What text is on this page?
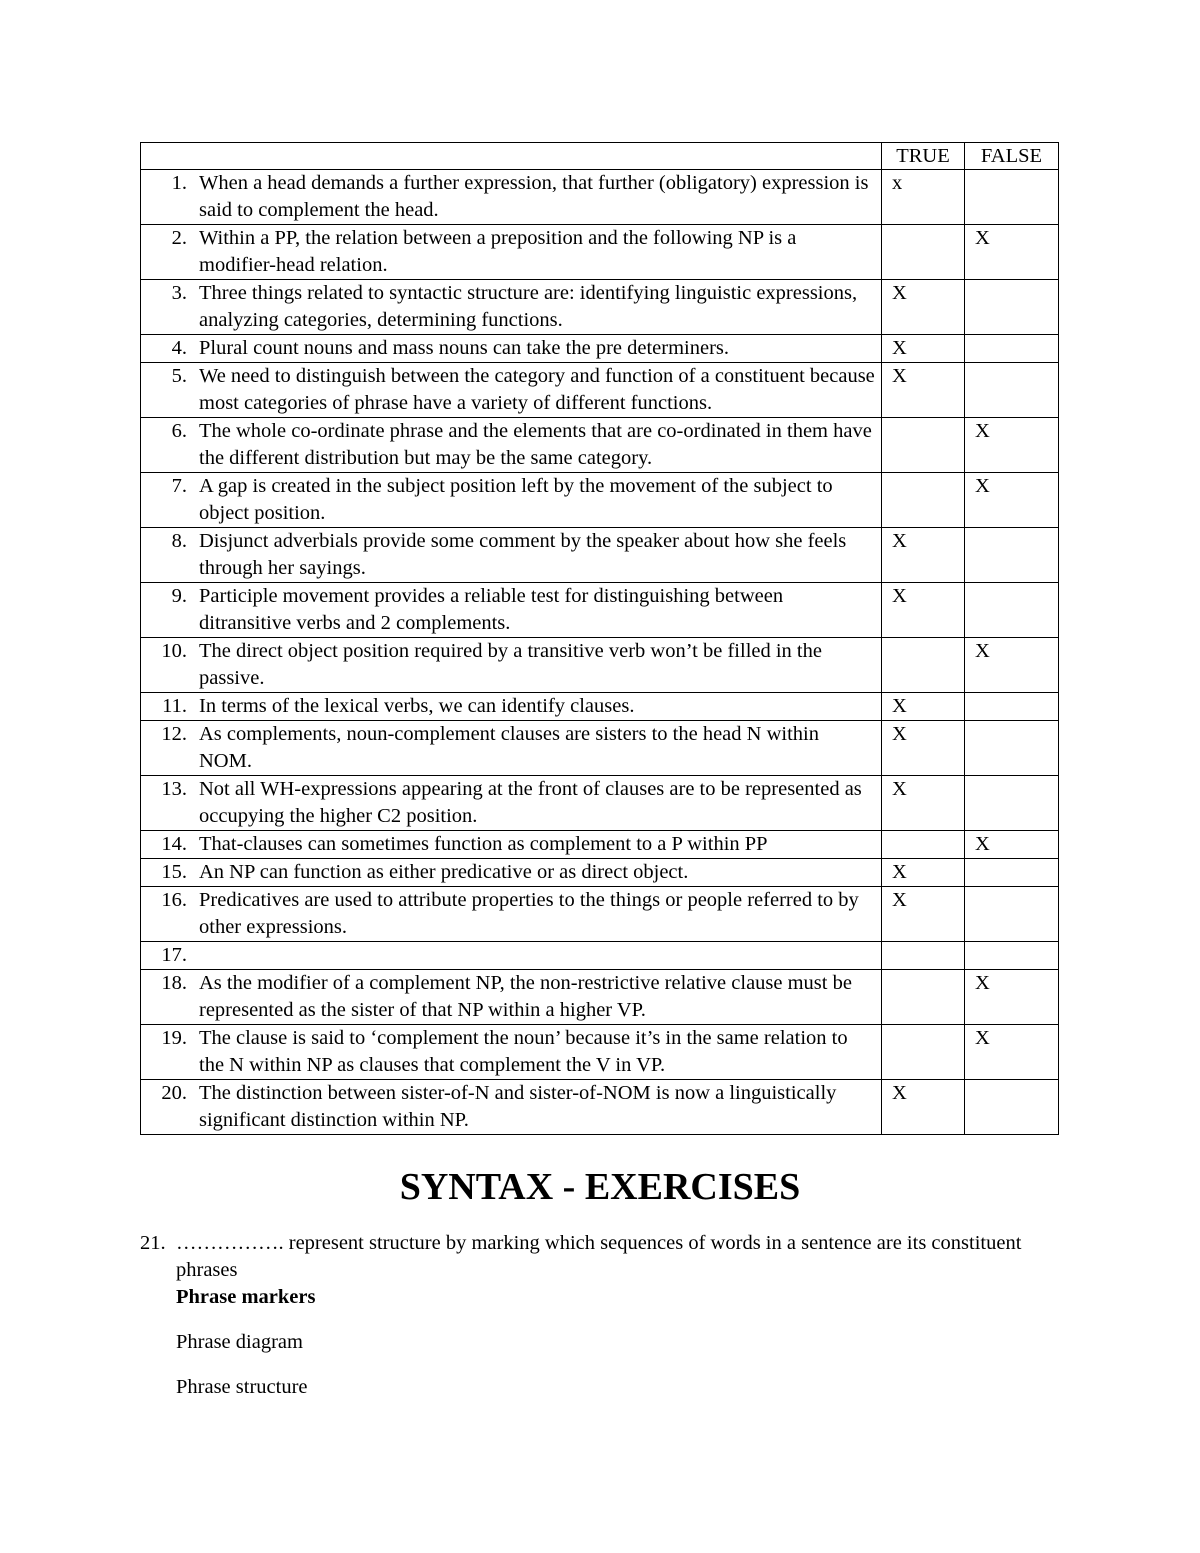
	TRUE	FALSE

1. When a head demands a further expression, that further (obligatory) expression is said to complement the head.	x	

2. Within a PP, the relation between a preposition and the following NP is a modifier-head relation.		X

3. Three things related to syntactic structure are: identifying linguistic expressions, analyzing categories, determining functions.	X	

4. Plural count nouns and mass nouns can take the pre determiners.	X	

5. We need to distinguish between the category and function of a constituent because most categories of phrase have a variety of different functions.	X	

6. The whole co-ordinate phrase and the elements that are co-ordinated in them have the different distribution but may be the same category.		X

7. A gap is created in the subject position left by the movement of the subject to object position.		X

8. Disjunct adverbials provide some comment by the speaker about how she feels through her sayings.	X	

9. Participle movement provides a reliable test for distinguishing between ditransitive verbs and 2 complements.	X	

10. The direct object position required by a transitive verb won’t be filled in the passive.		X

11. In terms of the lexical verbs, we can identify clauses.	X	

12. As complements, noun-complement clauses are sisters to the head N within NOM.	X	

13. Not all WH-expressions appearing at the front of clauses are to be represented as occupying the higher C2 position.	X	

14. That-clauses can sometimes function as complement to a P within PP		X

15. An NP can function as either predicative or as direct object.	X	

16. Predicatives are used to attribute properties to the things or people referred to by other expressions.	X	

17.		

18. As the modifier of a complement NP, the non-restrictive relative clause must be represented as the sister of that NP within a higher VP.		X

19. The clause is said to ‘complement the noun’ because it’s in the same relation to the N within NP as clauses that complement the V in VP.		X

20. The distinction between sister-of-N and sister-of-NOM is now a linguistically significant distinction within NP.	X	
SYNTAX - EXERCISES
21. ……………. represent structure by marking which sequences of words in a sentence are its constituent phrases

Phrase markers

Phrase diagram

Phrase structure
